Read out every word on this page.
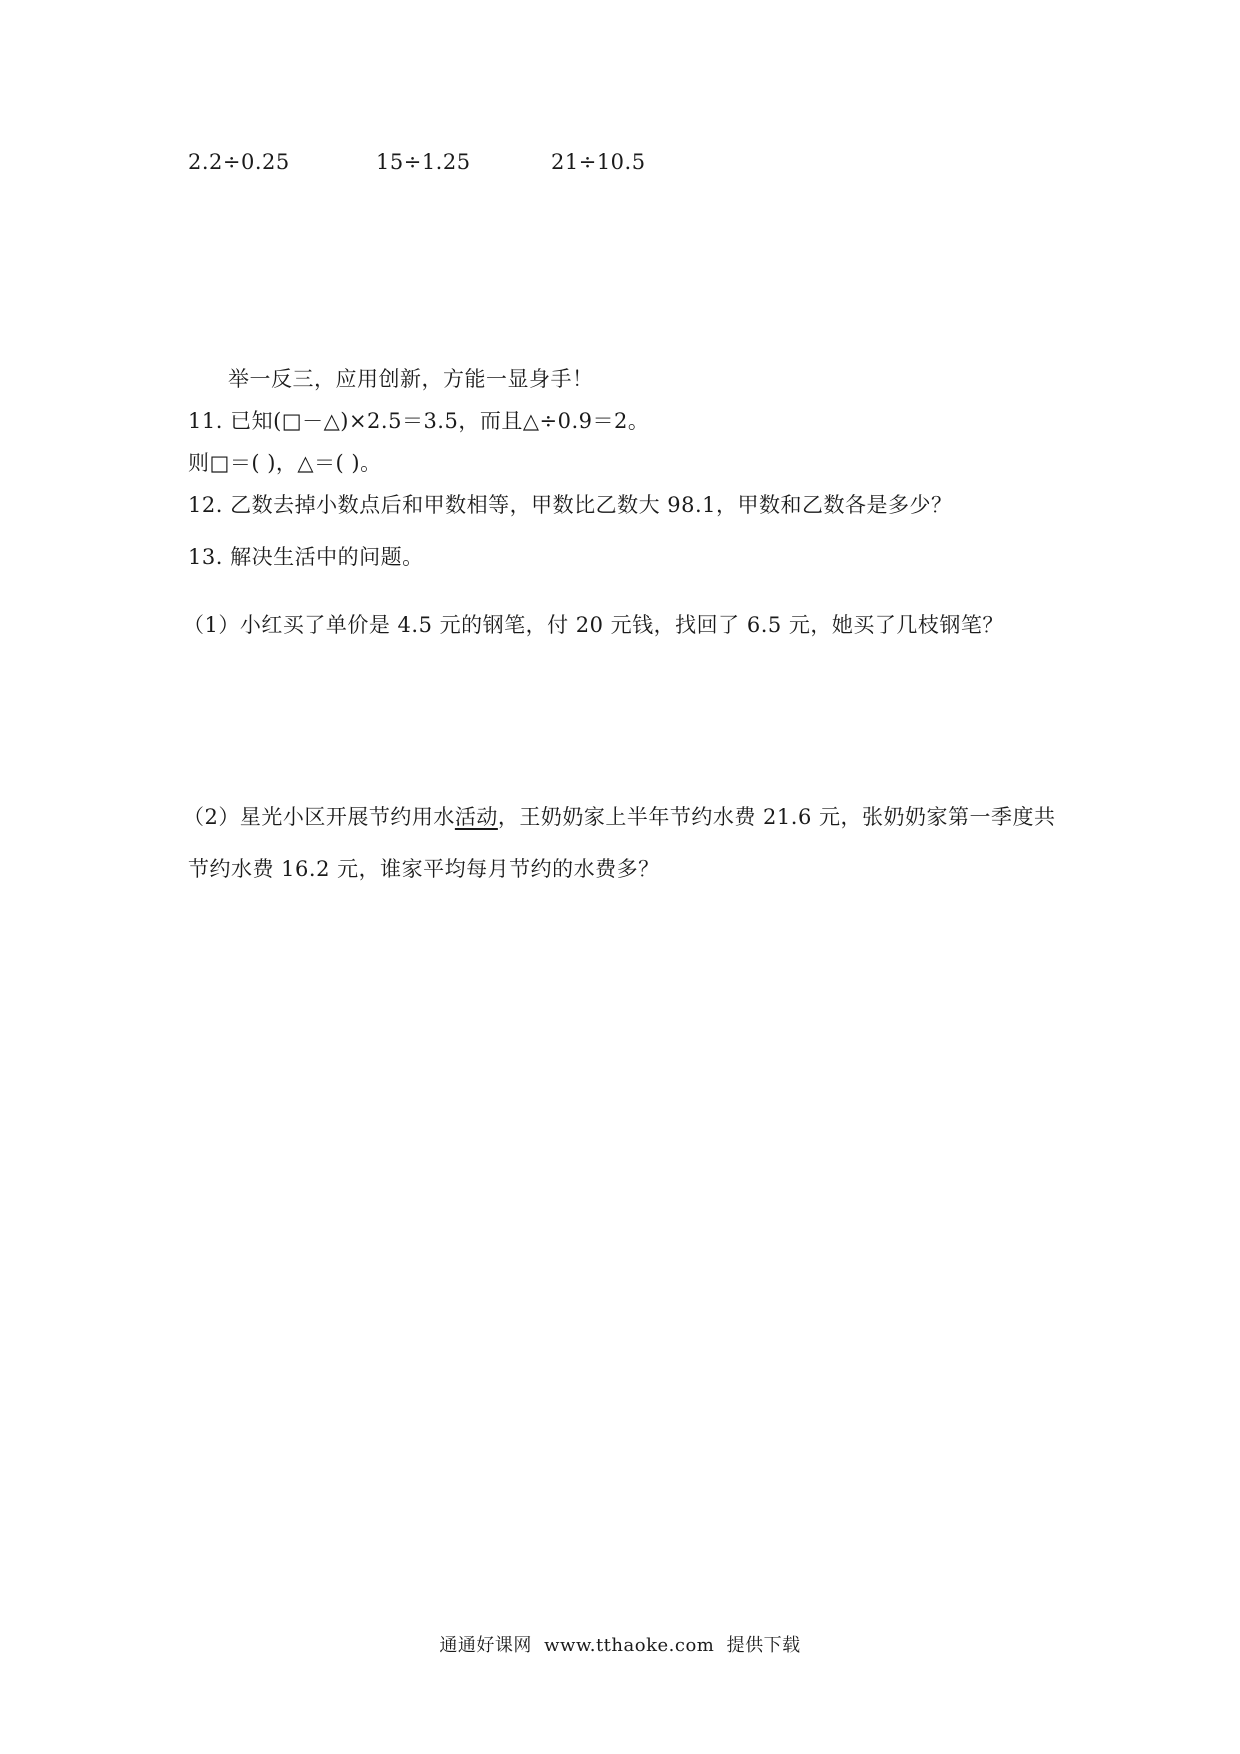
2.2÷0.25	15÷1.25	21÷10.5
举一反三，应用创新，方能一显身手！
11. 已知(□－△)×2.5＝3.5，而且△÷0.9＝2。
则□＝( )，△＝( )。
12. 乙数去掉小数点后和甲数相等，甲数比乙数大 98.1，甲数和乙数各是多少？
13. 解决生活中的问题。
（1）小红买了单价是 4.5 元的钢笔，付 20 元钱，找回了 6.5 元，她买了几枝钢笔？
（2）星光小区开展节约用水活动，王奶奶家上半年节约水费 21.6 元，张奶奶家第一季度共
节约水费 16.2 元，谁家平均每月节约的水费多？
通通好课网 www.tthaoke.com 提供下载
